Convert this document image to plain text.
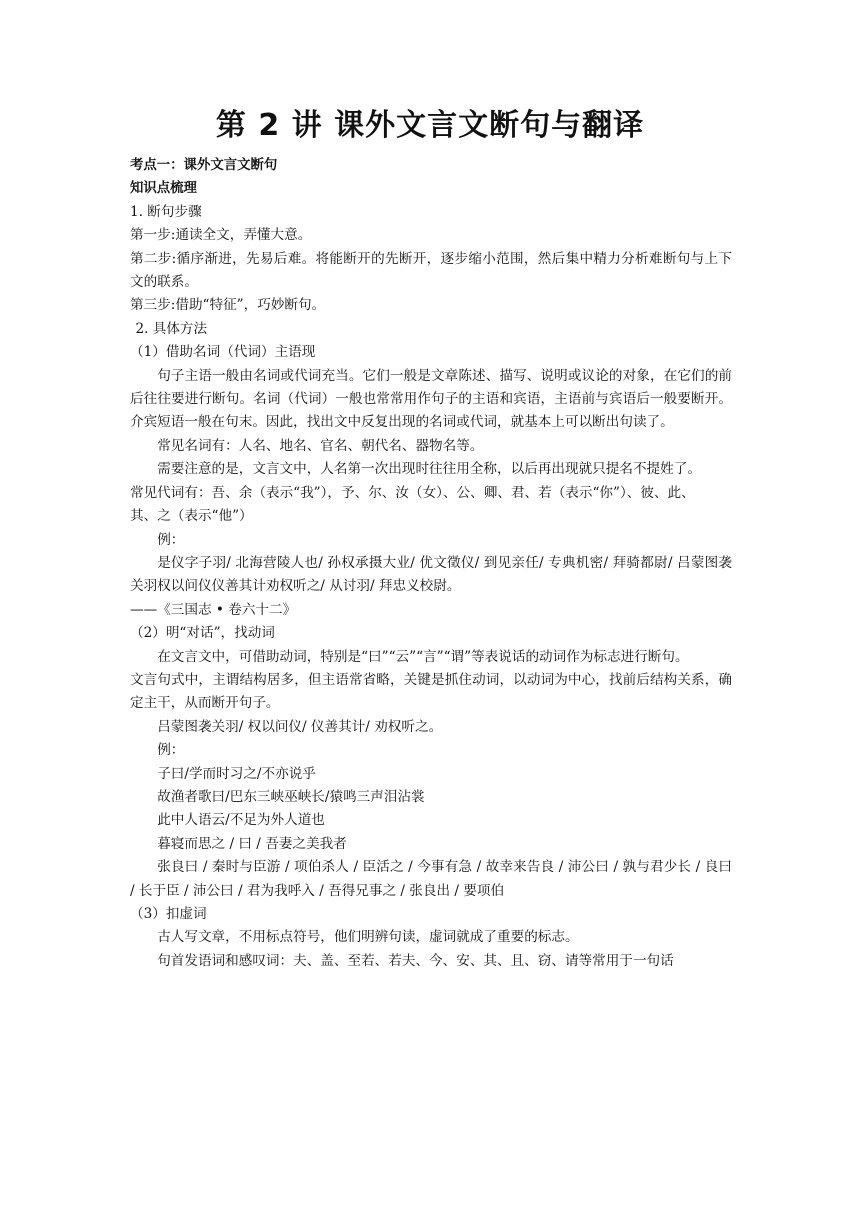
第 2 讲 课外文言文断句与翻译

考点一：课外文言文断句

知识点梳理

1. 断句步骤

第一步:通读全文，弄懂大意。

第二步:循序渐进，先易后难。将能断开的先断开，逐步缩小范围，然后集中精力分析难断句与上下文的联系。

第三步:借助“特征”，巧妙断句。

2. 具体方法

（1）借助名词（代词）主语现

句子主语一般由名词或代词充当。它们一般是文章陈述、描写、说明或议论的对象，在它们的前后往往要进行断句。名词（代词）一般也常常用作句子的主语和宾语，主语前与宾语后一般要断开。介宾短语一般在句末。因此，找出文中反复出现的名词或代词，就基本上可以断出句读了。

常见名词有：人名、地名、官名、朝代名、器物名等。

需要注意的是，文言文中，人名第一次出现时往往用全称，以后再出现就只提名不提姓了。

常见代词有：吾、余（表示“我”），予、尔、汝（女）、公、卿、君、若（表示“你”）、彼、此、

其、之（表示“他”）

例：

是仪字子羽/ 北海营陵人也/ 孙权承摄大业/ 优文徵仪/ 到见亲任/ 专典机密/ 拜骑都尉/ 吕蒙图袭关羽权以问仪仪善其计劝权听之/ 从讨羽/ 拜忠义校尉。

——《三国志 • 卷六十二》

（2）明“对话”，找动词

在文言文中，可借助动词，特别是“曰”“云”“言”“谓”等表说话的动词作为标志进行断句。

文言句式中，主谓结构居多，但主语常省略，关键是抓住动词，以动词为中心，找前后结构关系，确定主干，从而断开句子。

吕蒙图袭关羽/ 权以问仪/ 仪善其计/ 劝权听之。

例：

子曰/学而时习之/不亦说乎

故渔者歌曰/巴东三峡巫峡长/猿鸣三声泪沾裳

此中人语云/不足为外人道也

暮寝而思之 / 曰 / 吾妻之美我者

张良曰 / 秦时与臣游 / 项伯杀人 / 臣活之 / 今事有急 / 故幸来告良 / 沛公曰 / 孰与君少长 / 良曰 / 长于臣 / 沛公曰 / 君为我呼入 / 吾得兄事之 / 张良出 / 要项伯

（3）扣虚词

古人写文章，不用标点符号，他们明辨句读，虚词就成了重要的标志。

句首发语词和感叹词：夫、盖、至若、若夫、今、安、其、且、窃、请等常用于一句话
